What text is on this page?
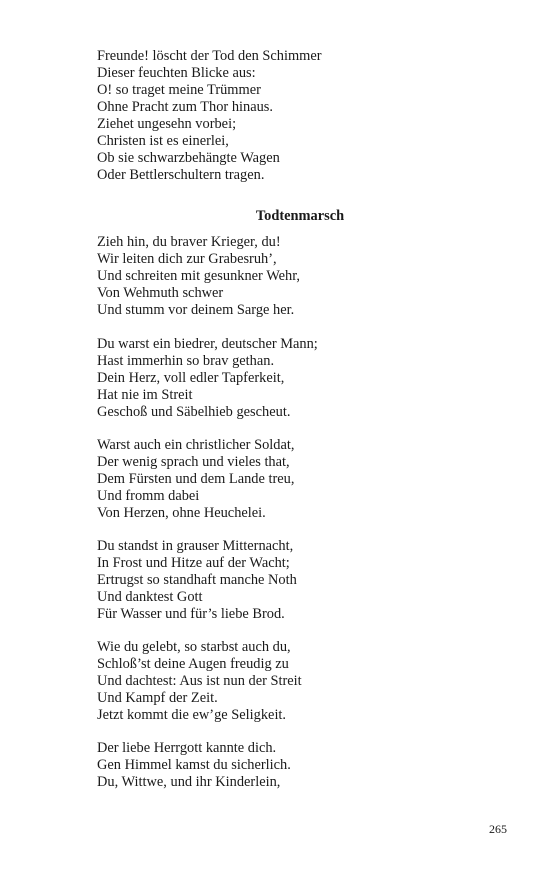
Freunde! löscht der Tod den Schimmer
Dieser feuchten Blicke aus:
O! so traget meine Trümmer
Ohne Pracht zum Thor hinaus.
Ziehet ungesehn vorbei;
Christen ist es einerlei,
Ob sie schwarzbehängte Wagen
Oder Bettlerschultern tragen.
Todtenmarsch
Zieh hin, du braver Krieger, du!
Wir leiten dich zur Grabesruh’,
Und schreiten mit gesunkner Wehr,
Von Wehmuth schwer
Und stumm vor deinem Sarge her.
Du warst ein biedrer, deutscher Mann;
Hast immerhin so brav gethan.
Dein Herz, voll edler Tapferkeit,
Hat nie im Streit
Geschoß und Säbelhieb gescheut.
Warst auch ein christlicher Soldat,
Der wenig sprach und vieles that,
Dem Fürsten und dem Lande treu,
Und fromm dabei
Von Herzen, ohne Heuchelei.
Du standst in grauser Mitternacht,
In Frost und Hitze auf der Wacht;
Ertrugst so standhaft manche Noth
Und danktest Gott
Für Wasser und für’s liebe Brod.
Wie du gelebt, so starbst auch du,
Schloß’st deine Augen freudig zu
Und dachtest: Aus ist nun der Streit
Und Kampf der Zeit.
Jetzt kommt die ew’ge Seligkeit.
Der liebe Herrgott kannte dich.
Gen Himmel kamst du sicherlich.
Du, Wittwe, und ihr Kinderlein,
265
